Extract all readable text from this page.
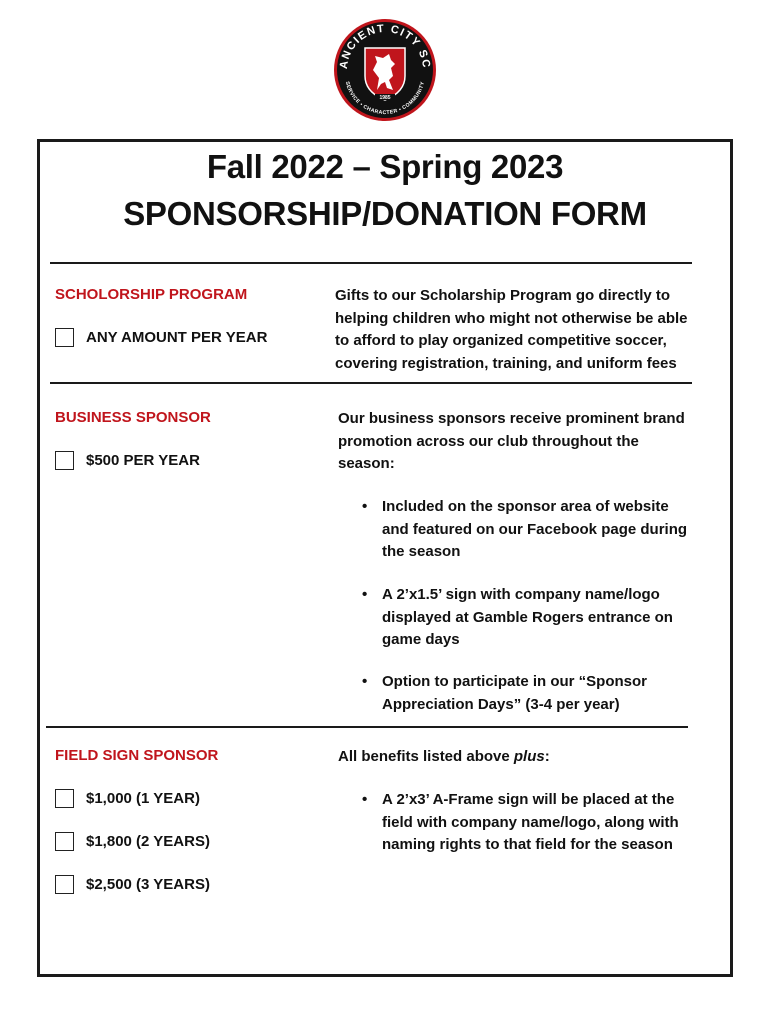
ANCIENT CITY SC
SERVICE • CHARACTER • COMMUNITY
1985
Fall 2022 – Spring 2023
SPONSORSHIP/DONATION FORM
SCHOLORSHIP PROGRAM
ANY AMOUNT PER YEAR
Gifts to our Scholarship Program go directly to
helping children who might not otherwise be able
to afford to play organized competitive soccer,
covering registration, training, and uniform fees
BUSINESS SPONSOR
$500 PER YEAR
Our business sponsors receive prominent brand
promotion across our club throughout the
season:
• Included on the sponsor area of website
and featured on our Facebook page during
the season
• A 2’x1.5’ sign with company name/logo
displayed at Gamble Rogers entrance on
game days
• Option to participate in our “Sponsor
Appreciation Days” (3-4 per year)
FIELD SIGN SPONSOR
$1,000 (1 YEAR)
$1,800 (2 YEARS)
$2,500 (3 YEARS)
All benefits listed above plus:
• A 2’x3’ A-Frame sign will be placed at the
field with company name/logo, along with
naming rights to that field for the season
